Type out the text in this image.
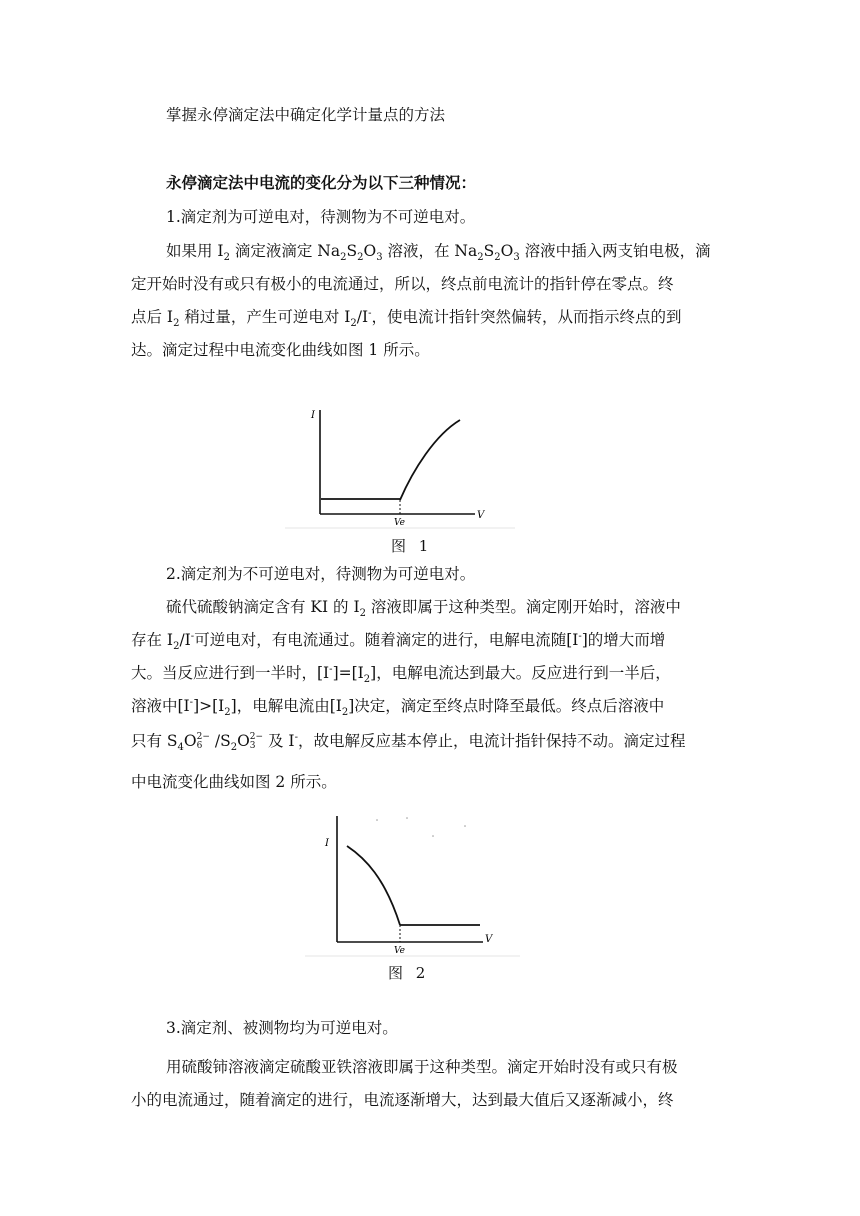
掌握永停滴定法中确定化学计量点的方法
永停滴定法中电流的变化分为以下三种情况：
1.滴定剂为可逆电对，待测物为不可逆电对。
如果用 $I_2$ 滴定液滴定 $Na_2S_2O_3$ 溶液，在 $Na_2S_2O_3$ 溶液中插入两支铂电极，滴
定开始时没有或只有极小的电流通过，所以，终点前电流计的指针停在零点。终
点后 $I_2$ 稍过量，产生可逆电对 $I_2/I^-$，使电流计指针突然偏转，从而指示终点的到
达。滴定过程中电流变化曲线如图 1 所示。
I
V
Ve
图 1
2.滴定剂为不可逆电对，待测物为可逆电对。
硫代硫酸钠滴定含有 KI 的 $I_2$ 溶液即属于这种类型。滴定刚开始时，溶液中
存在 $I_2/I^-$可逆电对，有电流通过。随着滴定的进行，电解电流随[I-]的增大而增
大。当反应进行到一半时，$[I^-]=[I_2]$，电解电流达到最大。反应进行到一半后，
溶液中$[I^-]>[I_2]$，电解电流由$[I_2]$决定，滴定至终点时降至最低。终点后溶液中
只有 $S_4O$ 2−
6 $/S_2O$ 2−
3 及 I-，故电解反应基本停止，电流计指针保持不动。滴定过程
中电流变化曲线如图 2 所示。
I
V
Ve
图 2
3.滴定剂、被测物均为可逆电对。
用硫酸铈溶液滴定硫酸亚铁溶液即属于这种类型。滴定开始时没有或只有极
小的电流通过，随着滴定的进行，电流逐渐增大，达到最大值后又逐渐减小，终
